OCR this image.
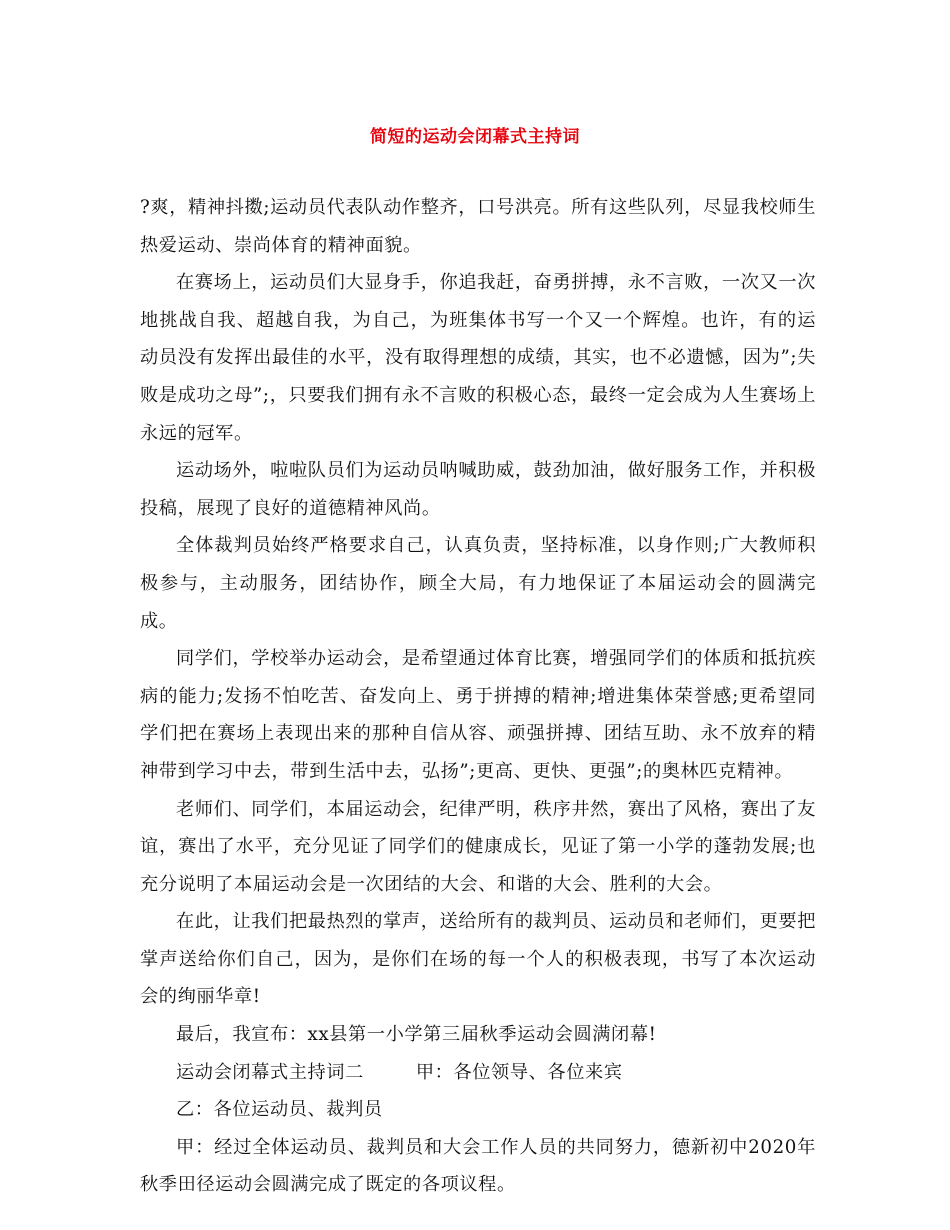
简短的运动会闭幕式主持词

?爽，精神抖擞;运动员代表队动作整齐，口号洪亮。所有这些队列，尽显我校师生热爱运动、崇尚体育的精神面貌。

在赛场上，运动员们大显身手，你追我赶，奋勇拼搏，永不言败，一次又一次地挑战自我、超越自我，为自己，为班集体书写一个又一个辉煌。也许，有的运动员没有发挥出最佳的水平，没有取得理想的成绩，其实，也不必遗憾，因为”;失败是成功之母”;，只要我们拥有永不言败的积极心态，最终一定会成为人生赛场上永远的冠军。

运动场外，啦啦队员们为运动员呐喊助威，鼓劲加油，做好服务工作，并积极投稿，展现了良好的道德精神风尚。

全体裁判员始终严格要求自己，认真负责，坚持标准，以身作则;广大教师积极参与，主动服务，团结协作，顾全大局，有力地保证了本届运动会的圆满完成。

同学们，学校举办运动会，是希望通过体育比赛，增强同学们的体质和抵抗疾病的能力;发扬不怕吃苦、奋发向上、勇于拼搏的精神;增进集体荣誉感;更希望同学们把在赛场上表现出来的那种自信从容、顽强拼搏、团结互助、永不放弃的精神带到学习中去，带到生活中去，弘扬”;更高、更快、更强”;的奥林匹克精神。

老师们、同学们，本届运动会，纪律严明，秩序井然，赛出了风格，赛出了友谊，赛出了水平，充分见证了同学们的健康成长，见证了第一小学的蓬勃发展;也充分说明了本届运动会是一次团结的大会、和谐的大会、胜利的大会。

在此，让我们把最热烈的掌声，送给所有的裁判员、运动员和老师们，更要把掌声送给你们自己，因为，是你们在场的每一个人的积极表现，书写了本次运动会的绚丽华章!

最后，我宣布：xx县第一小学第三届秋季运动会圆满闭幕!

运动会闭幕式主持词二	甲：各位领导、各位来宾

乙：各位运动员、裁判员

甲：经过全体运动员、裁判员和大会工作人员的共同努力，德新初中2020年秋季田径运动会圆满完成了既定的各项议程。
